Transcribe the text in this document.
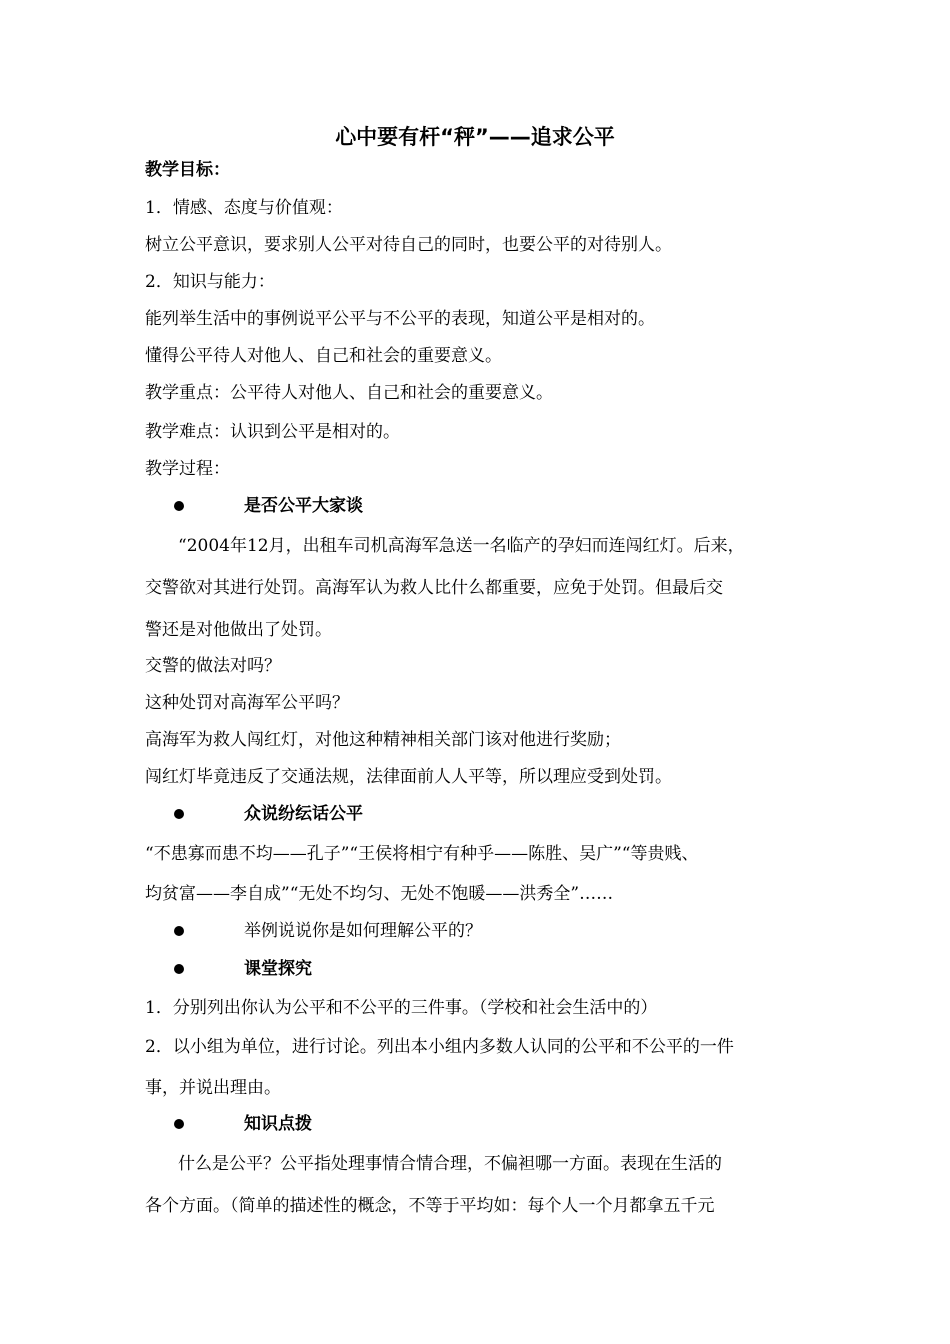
心中要有杆“秤”——追求公平
教学目标：
1．情感、态度与价值观：
树立公平意识，要求别人公平对待自己的同时，也要公平的对待别人。
2．知识与能力：
能列举生活中的事例说平公平与不公平的表现，知道公平是相对的。
懂得公平待人对他人、自己和社会的重要意义。
教学重点：公平待人对他人、自己和社会的重要意义。
教学难点：认识到公平是相对的。
教学过程：
是否公平大家谈
“2004年12月，出租车司机高海军急送一名临产的孕妇而连闯红灯。后来，
交警欲对其进行处罚。高海军认为救人比什么都重要，应免于处罚。但最后交
警还是对他做出了处罚。
交警的做法对吗？
这种处罚对高海军公平吗？
高海军为救人闯红灯，对他这种精神相关部门该对他进行奖励；
闯红灯毕竟违反了交通法规，法律面前人人平等，所以理应受到处罚。
众说纷纭话公平
“不患寡而患不均——孔子”“王侯将相宁有种乎——陈胜、吴广”“等贵贱、
均贫富——李自成”“无处不均匀、无处不饱暖——洪秀全”……
举例说说你是如何理解公平的？
课堂探究
1．分别列出你认为公平和不公平的三件事。（学校和社会生活中的）
2．以小组为单位，进行讨论。列出本小组内多数人认同的公平和不公平的一件
事，并说出理由。
知识点拨
什么是公平？公平指处理事情合情合理，不偏袒哪一方面。表现在生活的
各个方面。（简单的描述性的概念，不等于平均如：每个人一个月都拿五千元
